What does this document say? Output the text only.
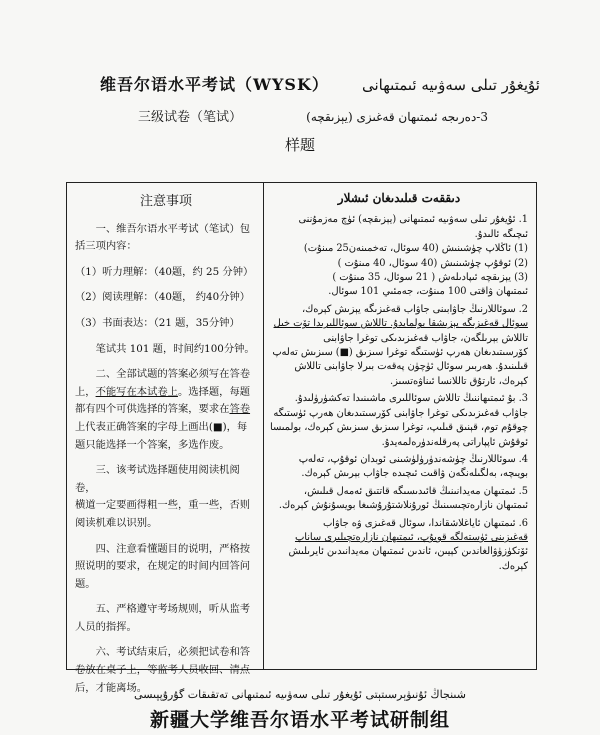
维吾尔语水平考试（WYSK） ئۇيغۇر تىلى سەۋىيە ئىمتىھانى
三级试卷（笔试）	3-دەرىجە ئىمتىھان قەغىزى (يېزىقچە)
样题
注意事项
一、维吾尔语水平考试（笔试）包
括三项内容：
（1）听力理解：（40题，约 25 分钟）
（2）阅读理解：（40题， 约40分钟）
（3）书面表达：（21 题，35分钟）
笔试共 101 题，时间约100分钟。
二、全部试题的答案必须写在答卷
上，不能写在本试卷上。选择题，每题
都有四个可供选择的答案，要求在答卷
上代表正确答案的字母上画出(■)，每
题只能选择一个答案，多选作废。
三、该考试选择题使用阅读机阅卷，
横道一定要画得粗一些，重一些，否则
阅读机难以识别。
四、注意看懂题目的说明，严格按
照说明的要求，在规定的时间内回答问
题。
五、严格遵守考场规则，听从监考
人员的指挥。
六、考试结束后，必须把试卷和答
卷放在桌子上，等监考人员收回、清点
后，才能离场。
دىققەت قىلىدىغان ئىشلار
1. ئۇيغۇر تىلى سەۋىيە ئىمتىھانى (يېزىقچە) ئۈچ مەزمۇننى
ئىچىگە ئالىدۇ.
(1) ئاڭلاپ چۈشىنىش (40 سوئال، تەخمىنەن25 مىنۇت)
(2) ئوقۇپ چۈشىنىش (40 سوئال، 40 مىنۇت )
(3) يېزىقچە ئىپادىلەش ( 21 سوئال، 35 مىنۇت )
ئىمتىھان ۋاقتى 100 مىنۇت، جەمئىي 101 سوئال.
2. سوئاللارنىڭ جاۋابىنى جاۋاب قەغىزىگە يېزىش كېرەك،
سوئال قەغىزىگە يېزىشقا بولمايدۇ. تاللاش سوئاللىرىدا تۆت خىل
تاللاش بېرىلگەن، جاۋاب قەغىزىدىكى توغرا جاۋابنى
كۆرسىتىدىغان ھەرپ ئۈستىگە توغرا سىزىق (■) سىزىش تەلەپ
قىلىنىدۇ. ھەربىر سوئال ئۈچۈن پەقەت بىرلا جاۋابنى تاللاش
كېرەك، ئارتۇق تاللانسا ئىناۋەتسىز.
3. بۇ ئىمتىھاننىڭ تاللاش سوئاللىرى ماشىنىدا تەكشۈرۈلىدۇ.
جاۋاب قەغىزىدىكى توغرا جاۋابنى كۆرسىتىدىغان ھەرپ ئۈستىگە
چوقۇم توم، قېنىق قىلىپ، توغرا سىزىق سىزىش كېرەك، بولمىسا
ئوقۇش ئاپپاراتى پەرقلەندۈرەلمەيدۇ.
4. سوئاللارنىڭ چۈشەندۈرۈلۈشىنى ئوبدان ئوقۇپ، تەلەپ
بويىچە، بەلگىلەنگەن ۋاقىت ئىچىدە جاۋاب بېرىش كېرەك.
5. ئىمتىھان مەيدانىنىڭ قائىدىسىگە قاتتىق ئەمەل قىلىش،
ئىمتىھان نازارەتچىسىنىڭ ئورۇنلاشتۇرۇشىغا بويسۇنۇش كېرەك.
6. ئىمتىھان ئاياغلاشقاندا، سوئال قەغىزى ۋە جاۋاب
قەغىزىنى ئۈستەلگە قويۇپ، ئىمتىھان نازارەتچىلىرى ساناپ
ئۆتكۈزۈۋالغاندىن كېيىن، ئاندىن ئىمتىھان مەيدانىدىن ئايرىلىش
كېرەك.
شىنجاڭ ئۇنىۋېرسىتېتى ئۇيغۇر تىلى سەۋىيە ئىمتىھانى تەتقىقات گۇرۇپپىسى
新疆大学维吾尔语水平考试研制组
